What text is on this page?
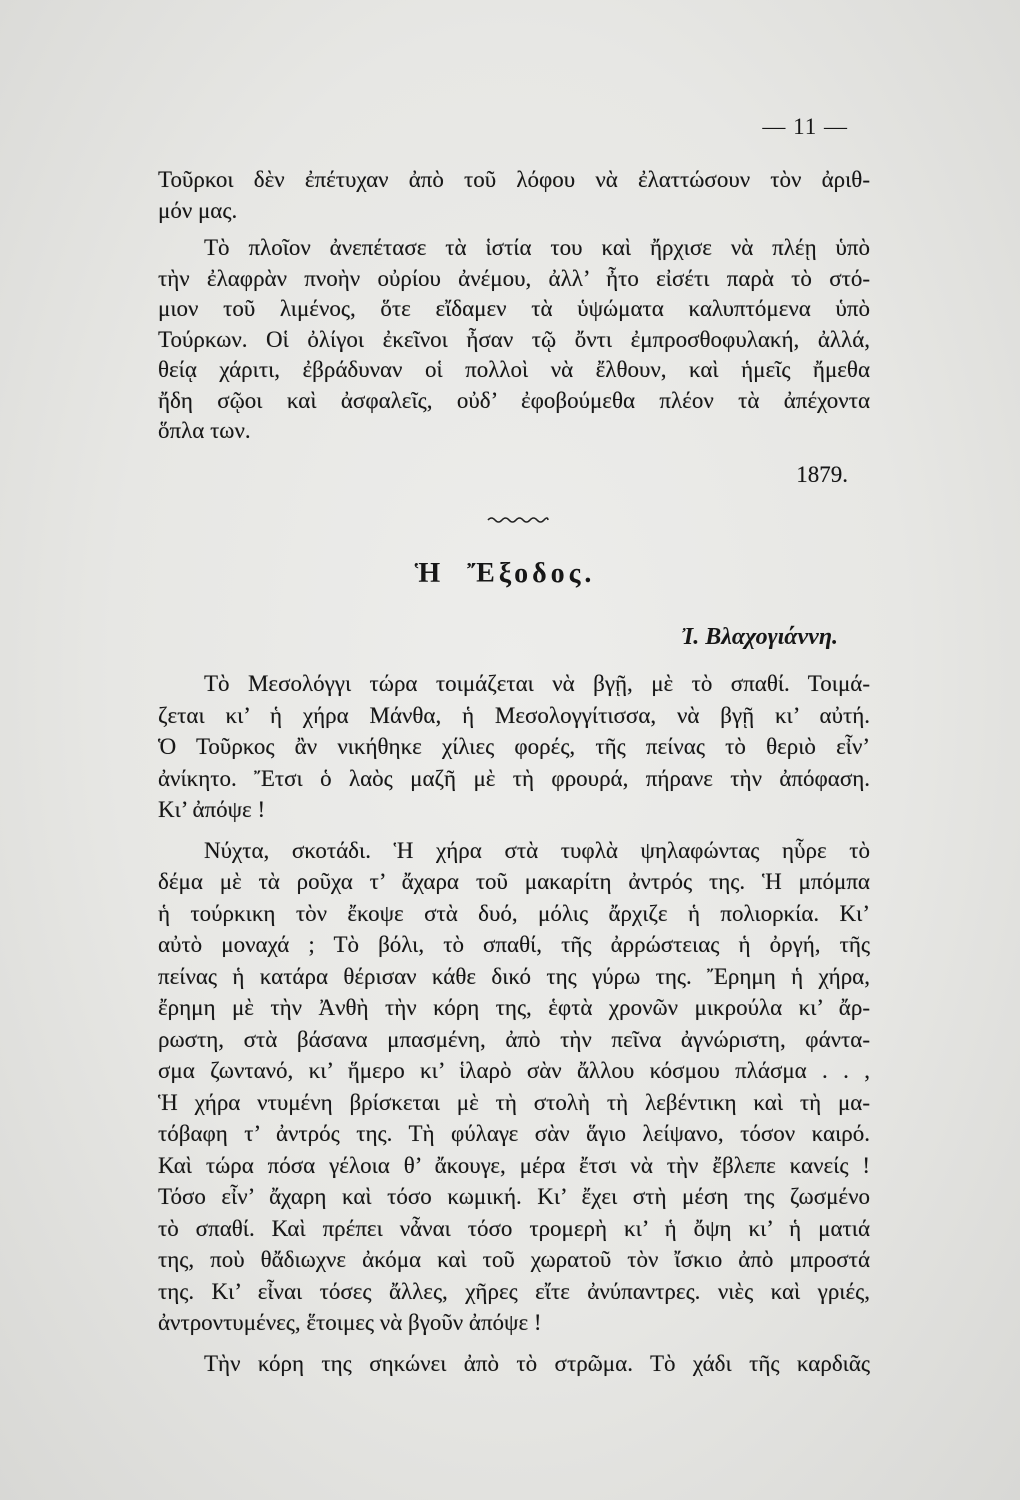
— 11 —
Τοῦρκοι δὲν ἐπέτυχαν ἀπὸ τοῦ λόφου νὰ ἐλαττώσουν τὸν ἀριθ-
μόν μας.
Τὸ πλοῖον ἀνεπέτασε τὰ ἱστία του καὶ ἤρχισε νὰ πλέῃ ὑπὸ
τὴν ἐλαφρὰν πνοὴν οὐρίου ἀνέμου, ἀλλ’ ἦτο εἰσέτι παρὰ τὸ στό-
μιον τοῦ λιμένος, ὅτε εἴδαμεν τὰ ὑψώματα καλυπτόμενα ὑπὸ
Τούρκων. Οἱ ὀλίγοι ἐκεῖνοι ἦσαν τῷ ὄντι ἐμπροσθοφυλακή, ἀλλά,
θείᾳ χάριτι, ἐβράδυναν οἱ πολλοὶ νὰ ἔλθουν, καὶ ἡμεῖς ἤμεθα
ἤδη σῷοι καὶ ἀσφαλεῖς, οὐδ’ ἐφοβούμεθα πλέον τὰ ἀπέχοντα
ὅπλα των.
1879.
Ἡ Ἔξοδος.
Ἰ. Βλαχογιάννη.
Τὸ Μεσολόγγι τώρα τοιμάζεται νὰ βγῇ, μὲ τὸ σπαθί. Τοιμά-
ζεται κι’ ἡ χήρα Μάνθα, ἡ Μεσολογγίτισσα, νὰ βγῇ κι’ αὐτή.
Ὁ Τοῦρκος ἂν νικήθηκε χίλιες φορές, τῆς πείνας τὸ θεριὸ εἶν’
ἀνίκητο. Ἔτσι ὁ λαὸς μαζῆ μὲ τὴ φρουρά, πήρανε τὴν ἀπόφαση.
Κι’ ἀπόψε !
Νύχτα, σκοτάδι. Ἡ χήρα στὰ τυφλὰ ψηλαφώντας ηὗρε τὸ
δέμα μὲ τὰ ροῦχα τ’ ἄχαρα τοῦ μακαρίτη ἀντρός της. Ἡ μπόμπα
ἡ τούρκικη τὸν ἔκοψε στὰ δυό, μόλις ἄρχιζε ἡ πολιορκία. Κι’
αὐτὸ μοναχά ; Τὸ βόλι, τὸ σπαθί, τῆς ἀρρώστειας ἡ ὀργή, τῆς
πείνας ἡ κατάρα θέρισαν κάθε δικό της γύρω της. Ἔρημη ἡ χήρα,
ἔρημη μὲ τὴν Ἀνθὴ τὴν κόρη της, ἑφτὰ χρονῶν μικρούλα κι’ ἄρ-
ρωστη, στὰ βάσανα μπασμένη, ἀπὸ τὴν πεῖνα ἀγνώριστη, φάντα-
σμα ζωντανό, κι’ ἥμερο κι’ ἱλαρὸ σὰν ἄλλου κόσμου πλάσμα . . ,
Ἡ χήρα ντυμένη βρίσκεται μὲ τὴ στολὴ τὴ λεβέντικη καὶ τὴ μα-
τόβαφη τ’ ἀντρός της. Τὴ φύλαγε σὰν ἅγιο λείψανο, τόσον καιρό.
Καὶ τώρα πόσα γέλοια θ’ ἄκουγε, μέρα ἔτσι νὰ τὴν ἔβλεπε κανείς !
Τόσο εἶν’ ἄχαρη καὶ τόσο κωμική. Κι’ ἔχει στὴ μέση της ζωσμένο
τὸ σπαθί. Καὶ πρέπει νἆναι τόσο τρομερὴ κι’ ἡ ὄψη κι’ ἡ ματιά
της, ποὺ θἄδιωχνε ἀκόμα καὶ τοῦ χωρατοῦ τὸν ἴσκιο ἀπὸ μπροστά
της. Κι’ εἶναι τόσες ἄλλες, χῆρες εἴτε ἀνύπαντρες. νιὲς καὶ γριές,
ἀντροντυμένες, ἕτοιμες νὰ βγοῦν ἀπόψε !
Τὴν κόρη της σηκώνει ἀπὸ τὸ στρῶμα. Τὸ χάδι τῆς καρδιᾶς
